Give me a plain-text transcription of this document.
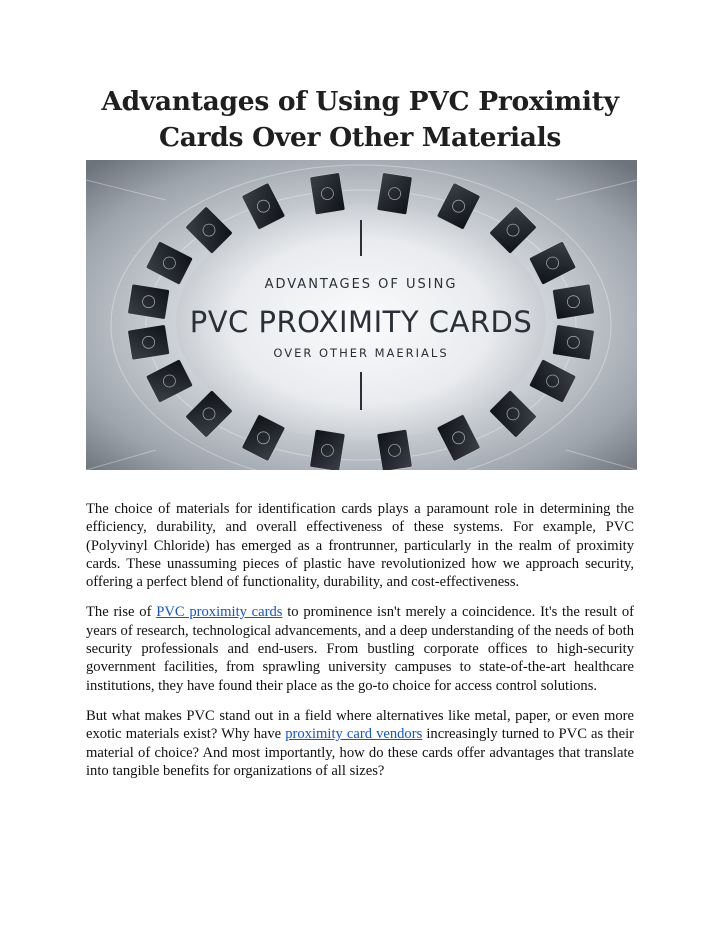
Advantages of Using PVC Proximity
Cards Over Other Materials
ADVANTAGES OF USING
PVC PROXIMITY CARDS
OVER OTHER MAERIALS

The choice of materials for identification cards plays a paramount role in determining the efficiency, durability, and overall effectiveness of these systems. For example, PVC (Polyvinyl Chloride) has emerged as a frontrunner, particularly in the realm of proximity cards. These unassuming pieces of plastic have revolutionized how we approach security, offering a perfect blend of functionality, durability, and cost-effectiveness.

The rise of PVC proximity cards to prominence isn't merely a coincidence. It's the result of years of research, technological advancements, and a deep understanding of the needs of both security professionals and end-users. From bustling corporate offices to high-security government facilities, from sprawling university campuses to state-of-the-art healthcare institutions, they have found their place as the go-to choice for access control solutions.

But what makes PVC stand out in a field where alternatives like metal, paper, or even more exotic materials exist? Why have proximity card vendors increasingly turned to PVC as their material of choice? And most importantly, how do these cards offer advantages that translate into tangible benefits for organizations of all sizes?
